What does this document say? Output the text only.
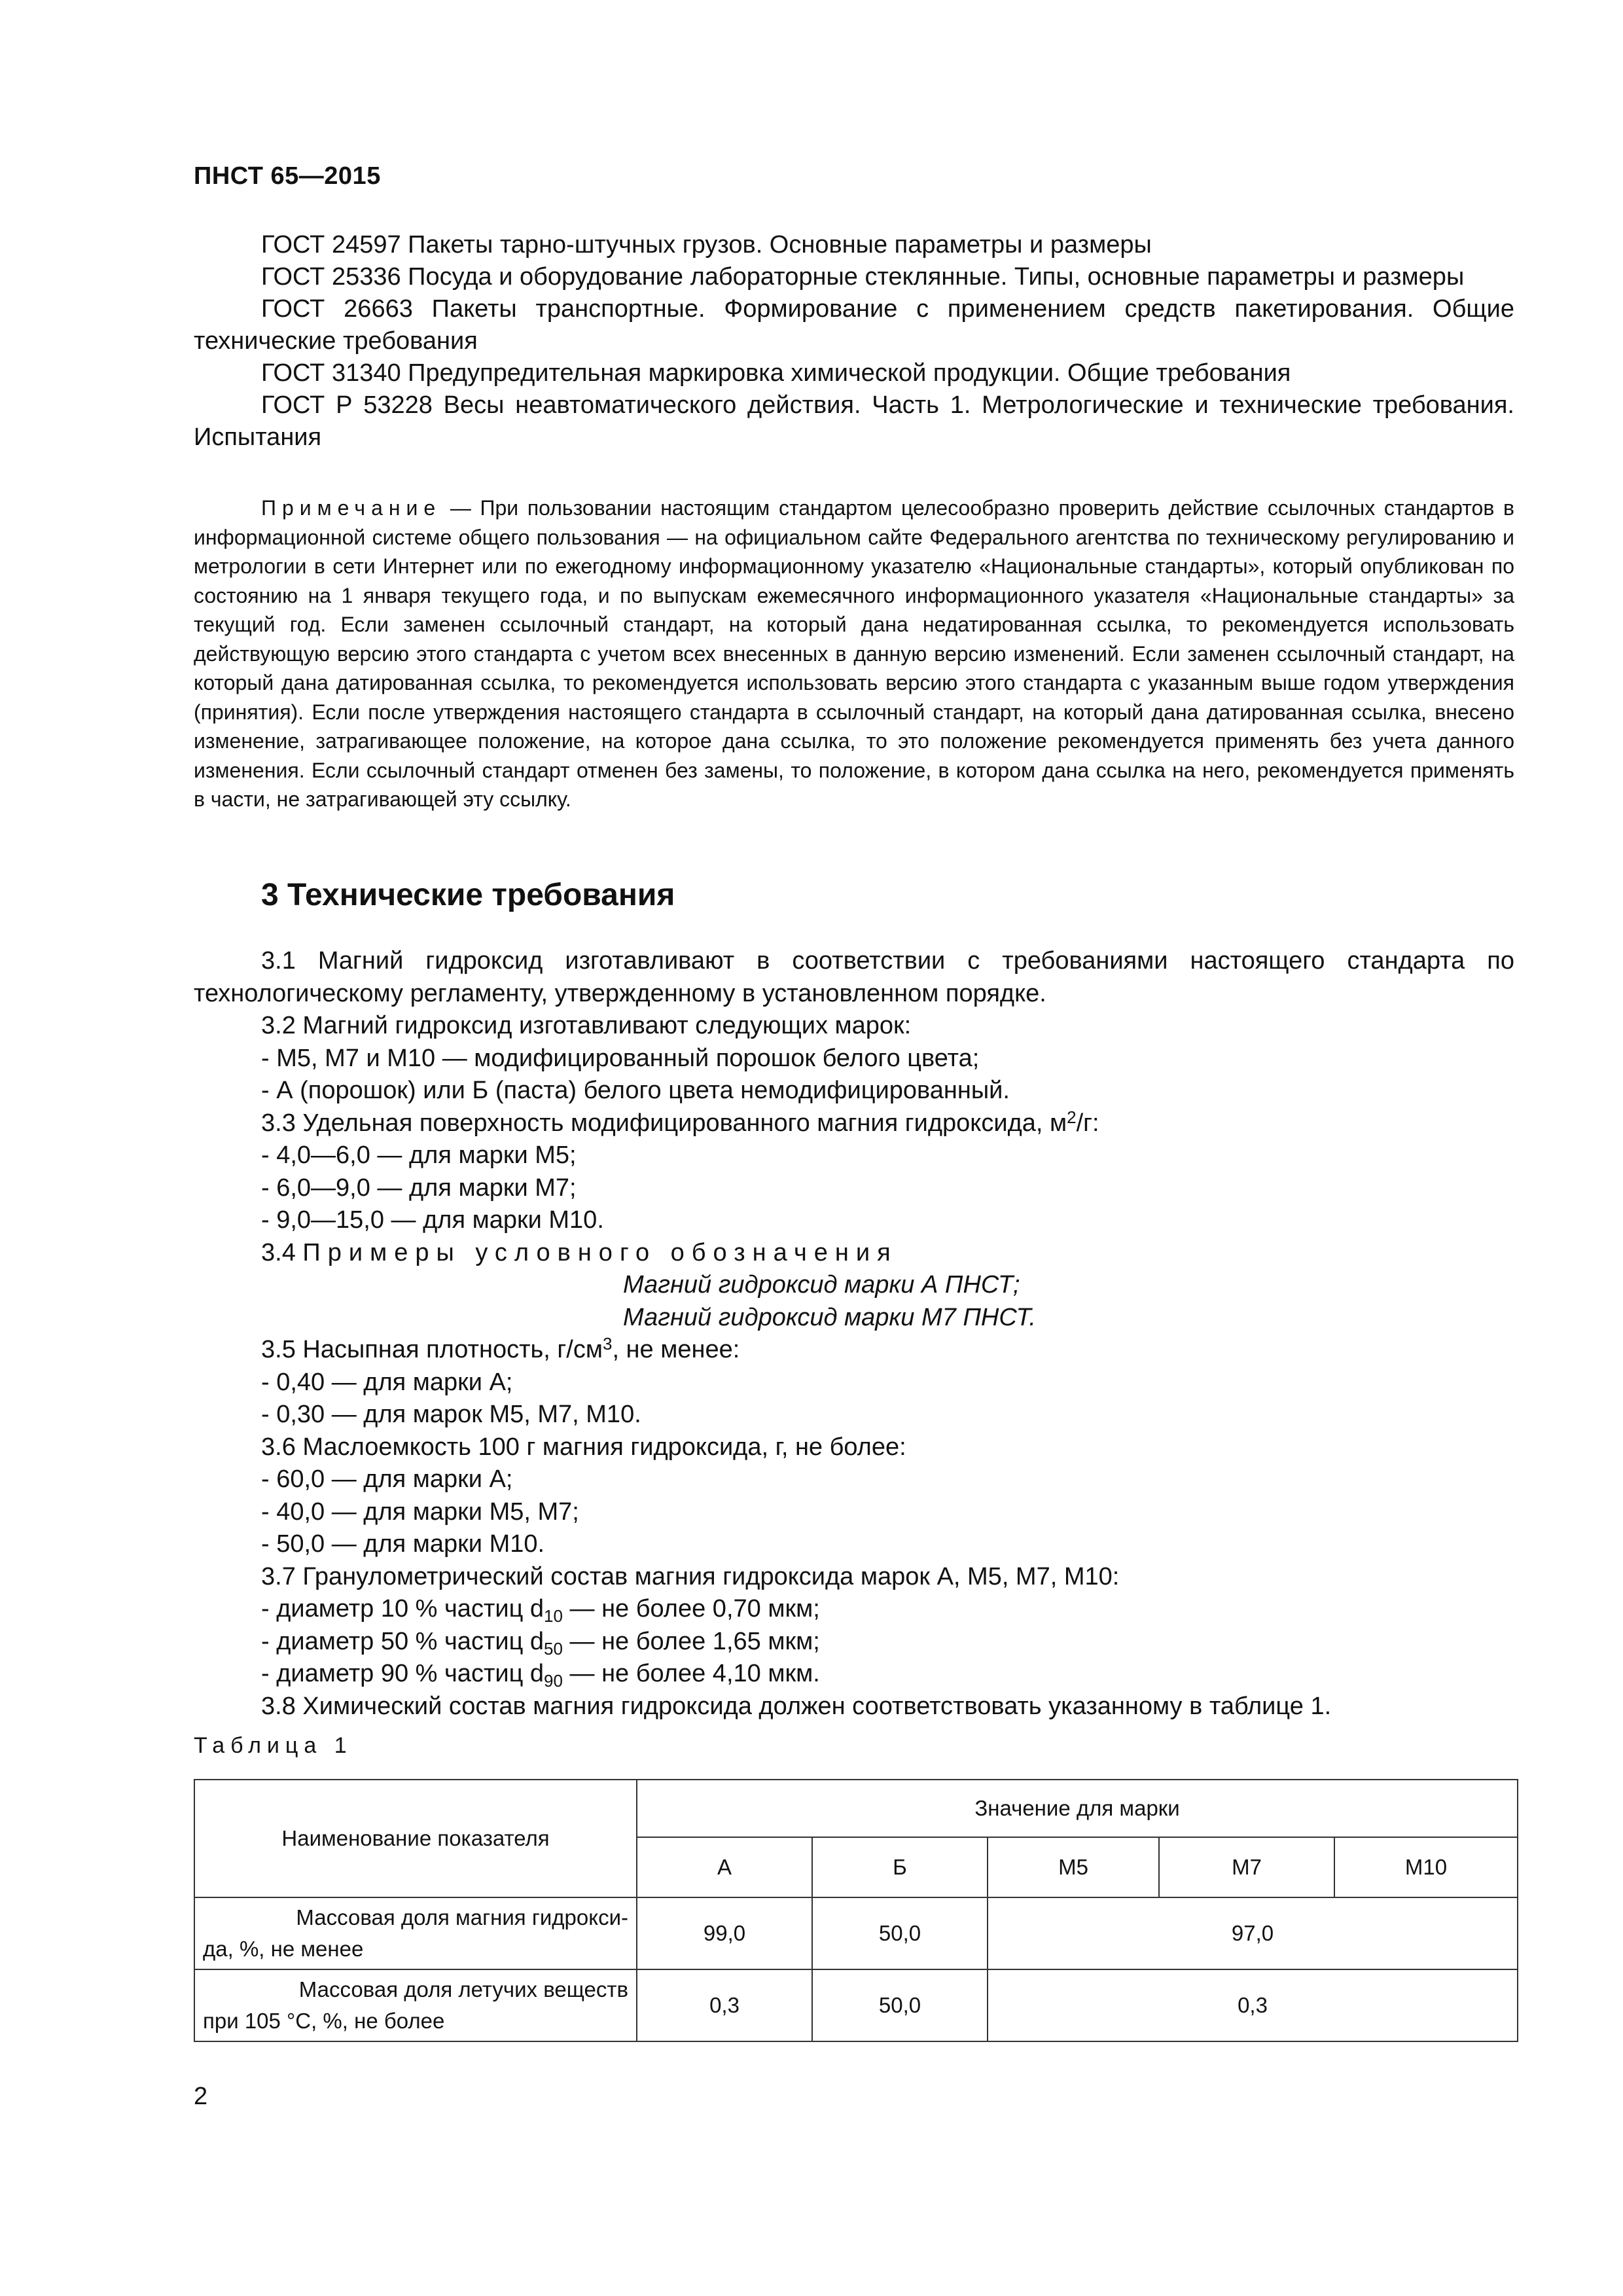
ПНСТ 65—2015

ГОСТ 24597 Пакеты тарно-штучных грузов. Основные параметры и размеры

ГОСТ 25336 Посуда и оборудование лабораторные стеклянные. Типы, основные параметры и размеры

ГОСТ 26663 Пакеты транспортные. Формирование с применением средств пакетирования. Общие технические требования

ГОСТ 31340 Предупредительная маркировка химической продукции. Общие требования

ГОСТ Р 53228 Весы неавтоматического действия. Часть 1. Метрологические и технические требования. Испытания

Примечание — При пользовании настоящим стандартом целесообразно проверить действие ссылочных стандартов в информационной системе общего пользования — на официальном сайте Федерального агентства по техническому регулированию и метрологии в сети Интернет или по ежегодному информационному указателю «Национальные стандарты», который опубликован по состоянию на 1 января текущего года, и по выпускам ежемесячного информационного указателя «Национальные стандарты» за текущий год. Если заменен ссылочный стандарт, на который дана недатированная ссылка, то рекомендуется использовать действующую версию этого стандарта с учетом всех внесенных в данную версию изменений. Если заменен ссылочный стандарт, на который дана датированная ссылка, то рекомендуется использовать версию этого стандарта с указанным выше годом утверждения (принятия). Если после утверждения настоящего стандарта в ссылочный стандарт, на который дана датированная ссылка, внесено изменение, затрагивающее положение, на которое дана ссылка, то это положение рекомендуется применять без учета данного изменения. Если ссылочный стандарт отменен без замены, то положение, в котором дана ссылка на него, рекомендуется применять в части, не затрагивающей эту ссылку.

3 Технические требования

3.1 Магний гидроксид изготавливают в соответствии с требованиями настоящего стандарта по технологическому регламенту, утвержденному в установленном порядке.

3.2 Магний гидроксид изготавливают следующих марок:

- М5, М7 и М10 — модифицированный порошок белого цвета;

- А (порошок) или Б (паста) белого цвета немодифицированный.

3.3 Удельная поверхность модифицированного магния гидроксида, $м^2/г$:

- 4,0—6,0 — для марки М5;

- 6,0—9,0 — для марки М7;

- 9,0—15,0 — для марки М10.

3.4 Примеры условного обозначения

Магний гидроксид марки А ПНСТ;

Магний гидроксид марки М7 ПНСТ.

3.5 Насыпная плотность, $г/см^3$, не менее:

- 0,40 — для марки А;

- 0,30 — для марок М5, М7, М10.

3.6 Маслоемкость 100 г магния гидроксида, г, не более:

- 60,0 — для марки А;

- 40,0 — для марки М5, М7;

- 50,0 — для марки М10.

3.7 Гранулометрический состав магния гидроксида марок А, М5, М7, М10:

- диаметр 10 % частиц $d_{10}$ — не более 0,70 мкм;

- диаметр 50 % частиц $d_{50}$ — не более 1,65 мкм;

- диаметр 90 % частиц $d_{90}$ — не более 4,10 мкм.

3.8 Химический состав магния гидроксида должен соответствовать указанному в таблице 1.

Таблица 1
Наименование показателя	Значение для марки				
	А	Б	М5	М7	М10

Массовая доля магния гидрокси-
да, %, не менее	99,0	50,0	97,0		

Массовая доля летучих веществ
при 105 °С, %, не более	0,3	50,0	0,3		
2
